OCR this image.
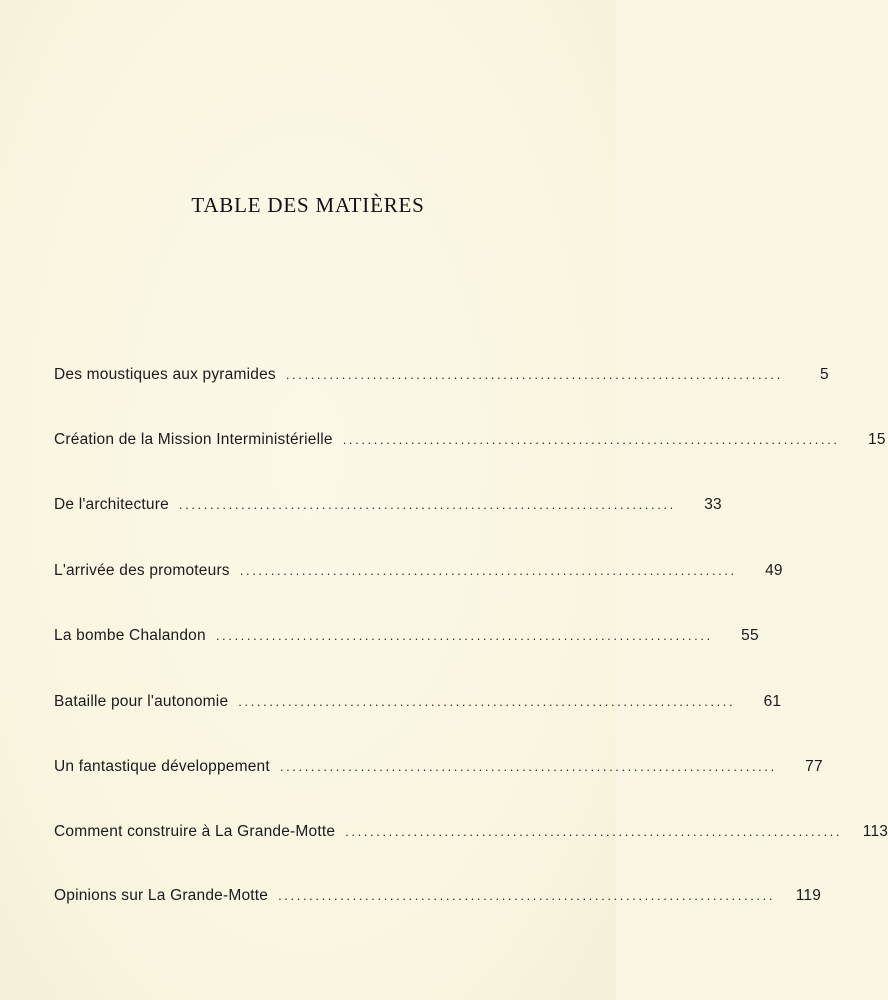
TABLE DES MATIÈRES
Des moustiques aux pyramides ................................................................................	5
Création de la Mission Interministérielle ................................................................................	15
De l'architecture ................................................................................	33
L'arrivée des promoteurs ................................................................................	49
La bombe Chalandon ................................................................................	55
Bataille pour l'autonomie ................................................................................	61
Un fantastique développement ................................................................................	77
Comment construire à La Grande-Motte ................................................................................	113
Opinions sur La Grande-Motte ................................................................................	119
